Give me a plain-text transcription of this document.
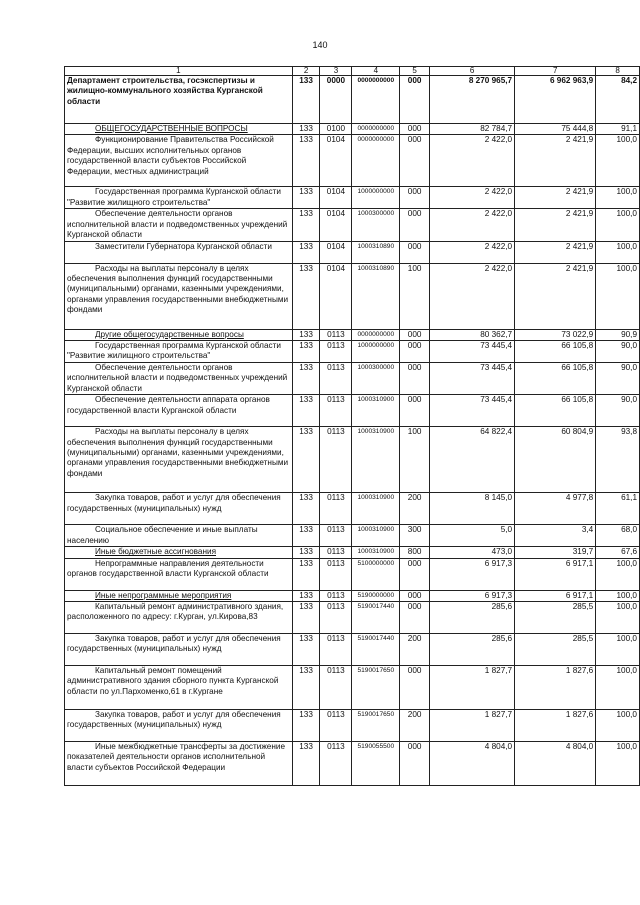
140
1	2	3	4	5	6	7	8

Департамент строительства, госэкспертизы и жилищно-коммунального хозяйства Курганской области	133	0000	0000000000	000	8 270 965,7	6 962 963,9	84,2

ОБЩЕГОСУДАРСТВЕННЫЕ ВОПРОСЫ	133	0100	0000000000	000	82 784,7	75 444,8	91,1

Функционирование Правительства Российской Федерации, высших исполнительных органов государственной власти субъектов Российской Федерации, местных администраций	133	0104	0000000000	000	2 422,0	2 421,9	100,0

Государственная программа Курганской области "Развитие жилищного строительства"	133	0104	1000000000	000	2 422,0	2 421,9	100,0

Обеспечение деятельности органов исполнительной власти и подведомственных учреждений Курганской области	133	0104	1000300000	000	2 422,0	2 421,9	100,0

Заместители Губернатора Курганской области	133	0104	1000310890	000	2 422,0	2 421,9	100,0

Расходы на выплаты персоналу в целях обеспечения выполнения функций государственными (муниципальными) органами, казенными учреждениями, органами управления государственными внебюджетными фондами	133	0104	1000310890	100	2 422,0	2 421,9	100,0

Другие общегосударственные вопросы	133	0113	0000000000	000	80 362,7	73 022,9	90,9

Государственная программа Курганской области "Развитие жилищного строительства"	133	0113	1000000000	000	73 445,4	66 105,8	90,0

Обеспечение деятельности органов исполнительной власти и подведомственных учреждений Курганской области	133	0113	1000300000	000	73 445,4	66 105,8	90,0

Обеспечение деятельности аппарата органов государственной власти Курганской области	133	0113	1000310900	000	73 445,4	66 105,8	90,0

Расходы на выплаты персоналу в целях обеспечения выполнения функций государственными (муниципальными) органами, казенными учреждениями, органами управления государственными внебюджетными фондами	133	0113	1000310900	100	64 822,4	60 804,9	93,8

Закупка товаров, работ и услуг для обеспечения государственных (муниципальных) нужд	133	0113	1000310900	200	8 145,0	4 977,8	61,1

Социальное обеспечение и иные выплаты населению	133	0113	1000310900	300	5,0	3,4	68,0

Иные бюджетные ассигнования	133	0113	1000310900	800	473,0	319,7	67,6

Непрограммные направления деятельности органов государственной власти Курганской области	133	0113	5100000000	000	6 917,3	6 917,1	100,0

Иные непрограммные мероприятия	133	0113	5190000000	000	6 917,3	6 917,1	100,0

Капитальный ремонт административного здания, расположенного по адресу: г.Курган, ул.Кирова,83	133	0113	5190017440	000	285,6	285,5	100,0

Закупка товаров, работ и услуг для обеспечения государственных (муниципальных) нужд	133	0113	5190017440	200	285,6	285,5	100,0

Капитальный ремонт помещений административного здания сборного пункта Курганской области по ул.Пархоменко,61 в г.Кургане	133	0113	5190017650	000	1 827,7	1 827,6	100,0

Закупка товаров, работ и услуг для обеспечения государственных (муниципальных) нужд	133	0113	5190017650	200	1 827,7	1 827,6	100,0

Иные межбюджетные трансферты за достижение показателей деятельности органов исполнительной власти субъектов Российской Федерации	133	0113	5190055500	000	4 804,0	4 804,0	100,0
